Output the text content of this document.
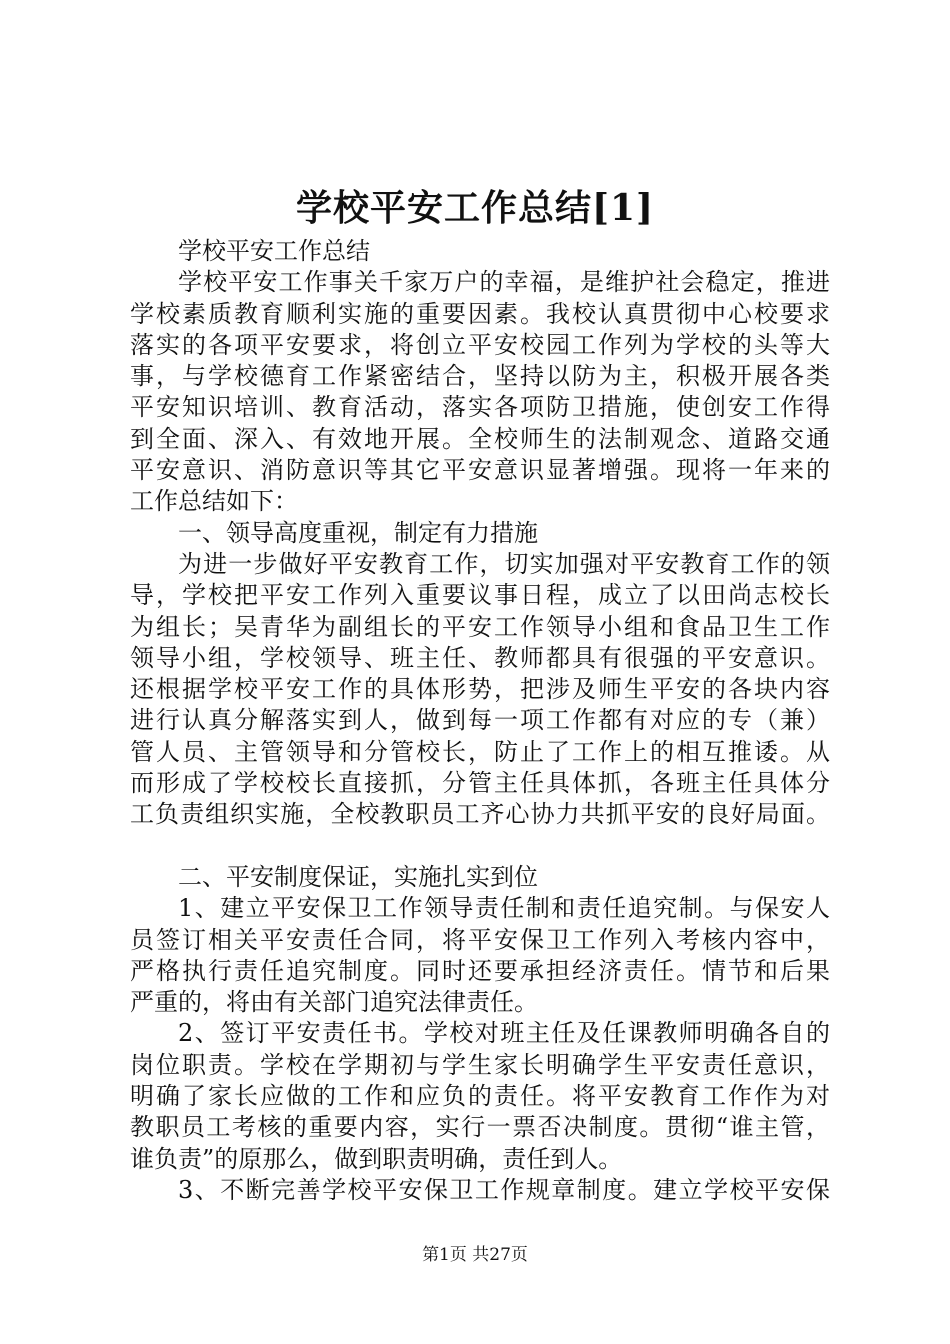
学校平安工作总结[1]
学校平安工作总结
学校平安工作事关千家万户的幸福，是维护社会稳定，推进
学校素质教育顺利实施的重要因素。我校认真贯彻中心校要求
落实的各项平安要求，将创立平安校园工作列为学校的头等大
事，与学校德育工作紧密结合，坚持以防为主，积极开展各类
平安知识培训、教育活动，落实各项防卫措施，使创安工作得
到全面、深入、有效地开展。全校师生的法制观念、道路交通
平安意识、消防意识等其它平安意识显著增强。现将一年来的
工作总结如下：
一、领导高度重视，制定有力措施
为进一步做好平安教育工作，切实加强对平安教育工作的领
导，学校把平安工作列入重要议事日程，成立了以田尚志校长
为组长；吴青华为副组长的平安工作领导小组和食品卫生工作
领导小组，学校领导、班主任、教师都具有很强的平安意识。
还根据学校平安工作的具体形势，把涉及师生平安的各块内容
进行认真分解落实到人，做到每一项工作都有对应的专（兼）
管人员、主管领导和分管校长，防止了工作上的相互推诿。从
而形成了学校校长直接抓，分管主任具体抓，各班主任具体分
工负责组织实施，全校教职员工齐心协力共抓平安的良好局面。
二、平安制度保证，实施扎实到位
1、建立平安保卫工作领导责任制和责任追究制。与保安人
员签订相关平安责任合同，将平安保卫工作列入考核内容中，
严格执行责任追究制度。同时还要承担经济责任。情节和后果
严重的，将由有关部门追究法律责任。
2、签订平安责任书。学校对班主任及任课教师明确各自的
岗位职责。学校在学期初与学生家长明确学生平安责任意识，
明确了家长应做的工作和应负的责任。将平安教育工作作为对
教职员工考核的重要内容，实行一票否决制度。贯彻“谁主管，
谁负责”的原那么，做到职责明确，责任到人。
3、不断完善学校平安保卫工作规章制度。建立学校平安保
第1页 共27页
